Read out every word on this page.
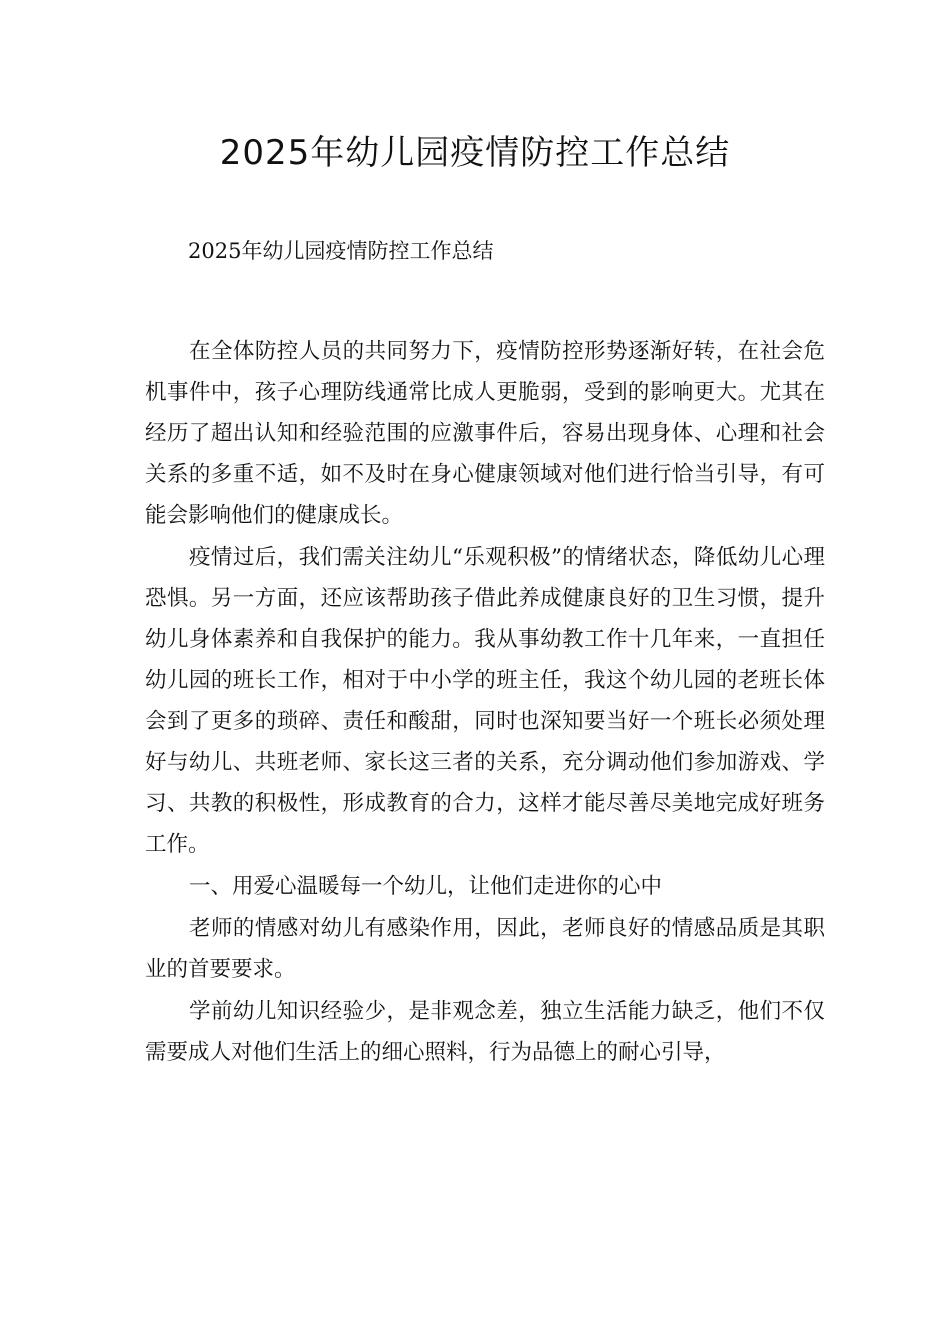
2025年幼儿园疫情防控工作总结

2025年幼儿园疫情防控工作总结

在全体防控人员的共同努力下，疫情防控形势逐渐好转，在社会危机事件中，孩子心理防线通常比成人更脆弱，受到的影响更大。尤其在经历了超出认知和经验范围的应激事件后，容易出现身体、心理和社会关系的多重不适，如不及时在身心健康领域对他们进行恰当引导，有可能会影响他们的健康成长。

疫情过后，我们需关注幼儿“乐观积极”的情绪状态，降低幼儿心理恐惧。另一方面，还应该帮助孩子借此养成健康良好的卫生习惯，提升幼儿身体素养和自我保护的能力。我从事幼教工作十几年来，一直担任幼儿园的班长工作，相对于中小学的班主任，我这个幼儿园的老班长体会到了更多的琐碎、责任和酸甜，同时也深知要当好一个班长必须处理好与幼儿、共班老师、家长这三者的关系，充分调动他们参加游戏、学习、共教的积极性，形成教育的合力，这样才能尽善尽美地完成好班务工作。

一、用爱心温暖每一个幼儿，让他们走进你的心中

老师的情感对幼儿有感染作用，因此，老师良好的情感品质是其职业的首要要求。

学前幼儿知识经验少，是非观念差，独立生活能力缺乏，他们不仅需要成人对他们生活上的细心照料，行为品德上的耐心引导，
